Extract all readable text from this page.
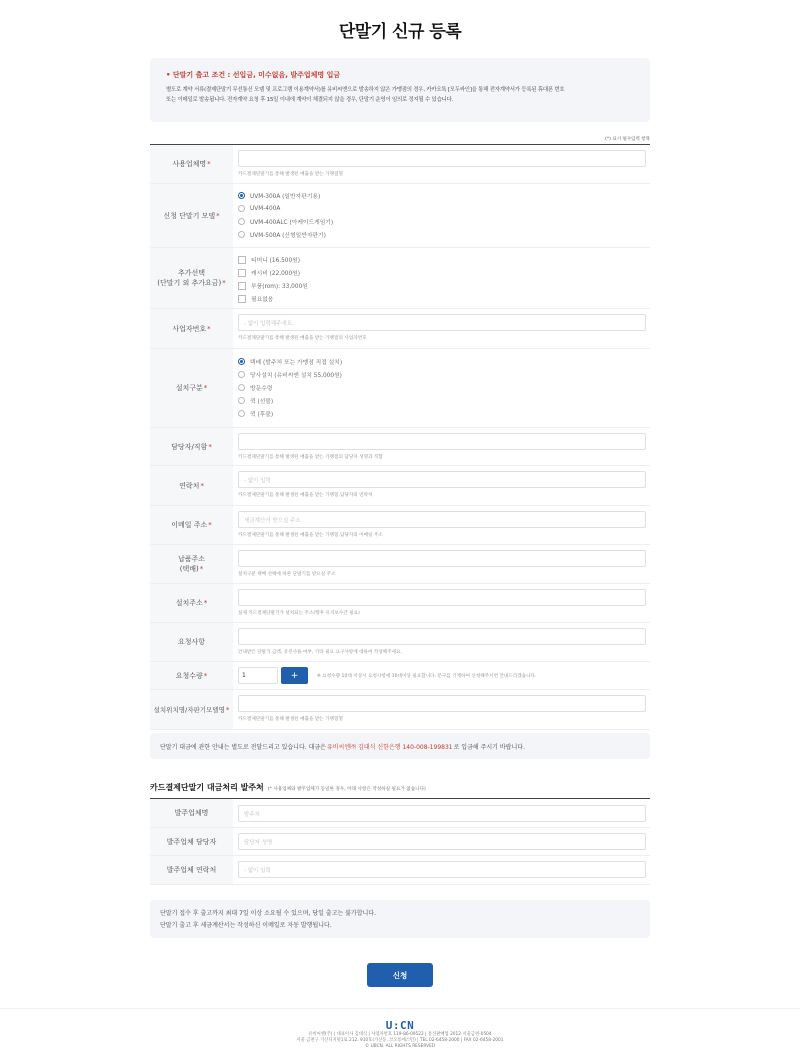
단말기 신규 등록
• 단말기 출고 조건 : 선입금, 미수없음, 발주업체명 입금
별도로 계약 서류(결제단말기 무선통신 모뎀 및 프로그램 이용계약서)를 유비씨엔으로 발송하지 않은 가맹점의 경우, 카카오톡 [모두싸인]을 통해 전자계약서가 등록된 휴대폰 번호
또는 이메일로 발송됩니다. 전자계약 요청 후 15일 이내에 계약이 체결되지 않을 경우, 단말기 운영이 임의로 정지될 수 있습니다.
(*) 표시 필수입력 항목
사용업체명 *
카드결제단말기를 통해 발생된 매출을 받는 가맹점명
신청 단말기 모델 *
UVM-300A (일반자판기용)
UVM-400A
UVM-400ALC (아케이드게임기)
UVM-500A (신형일반자판기)
추가선택
(단말기 외 추가요금)*
티머니 (16,500원)
캐시비 (22,000원)
부품(rom): 33,000원
필요없음
사업자번호 *
- 없이 입력해주세요.
카드결제단말기를 통해 발생된 매출을 받는 가맹점의 사업자번호
설치구분 *
택배 (발주처 또는 가맹점 직접 설치)
당사설치 (유비씨엔 설치 55,000원)
방문수령
퀵 (선불)
퀵 (후불)
담당자/직함 *
카드결제단말기를 통해 발생된 매출을 받는 가맹점의 담당자 성명과 직함
연락처 *
- 없이 입력
카드결제단말기를 통해 발생된 매출을 받는 가맹점 담당자의 연락처
이메일 주소 *
세금계산서 받으실 주소
카드결제단말기를 통해 발생된 매출을 받는 가맹점 담당자의 이메일 주소
납품주소
(택배)*
설치구분 택배 선택에 따른 단말기를 받으실 주소
설치주소 *
실제 카드결제단말기가 설치되는 주소(향후 유지보수간 필요)
요청사항
안내받은 단말기 금액, 유선사용 여부, 기타 필요 요구사항에 대하여 작성해주세요.
요청수량 *	1	+	※ 요청수량 10대 이상시 요청사항에 10대이상 필요합니다. 문구를 기재하여 신청해주시면 안내드리겠습니다.
설치위치명/자판기모델명 *
카드결제단말기를 통해 발생된 매출을 받는 가맹점명
단말기 대금에 관한 안내는 별도로 전달드리고 있습니다. 대금은 유비씨엔㈜ 김대식 신한은행 140-008-199831 로 입금해 주시기 바랍니다.
카드결제단말기 대금처리 발주처 (* 사용업체와 발주업체가 동일한 경우, 아래 사항은 작성하실 필요가 없습니다)
발주업체명	발주처
발주업체 담당자	담당자 성명
발주업체 연락처	- 없이 입력
단말기 접수 후 출고까지 최대 7일 이상 소요될 수 있으며, 당일 출고는 불가합니다.
단말기 출고 후 세금계산서는 작성하신 이메일로 자동 발행됩니다.
신청
U:CN
유비씨엔(주) | 대표이사 김대식 | 사업자번호 119-86-09522 | 통신판매업 2012-서울금천-0504
서울 금천구 가산디지털1로 212, 910호(가산동, 코오롱애스턴) | TEL 02-6458-2000 | FAX 02-6458-2001
© UBCN. ALL RIGHTS RESERVED
